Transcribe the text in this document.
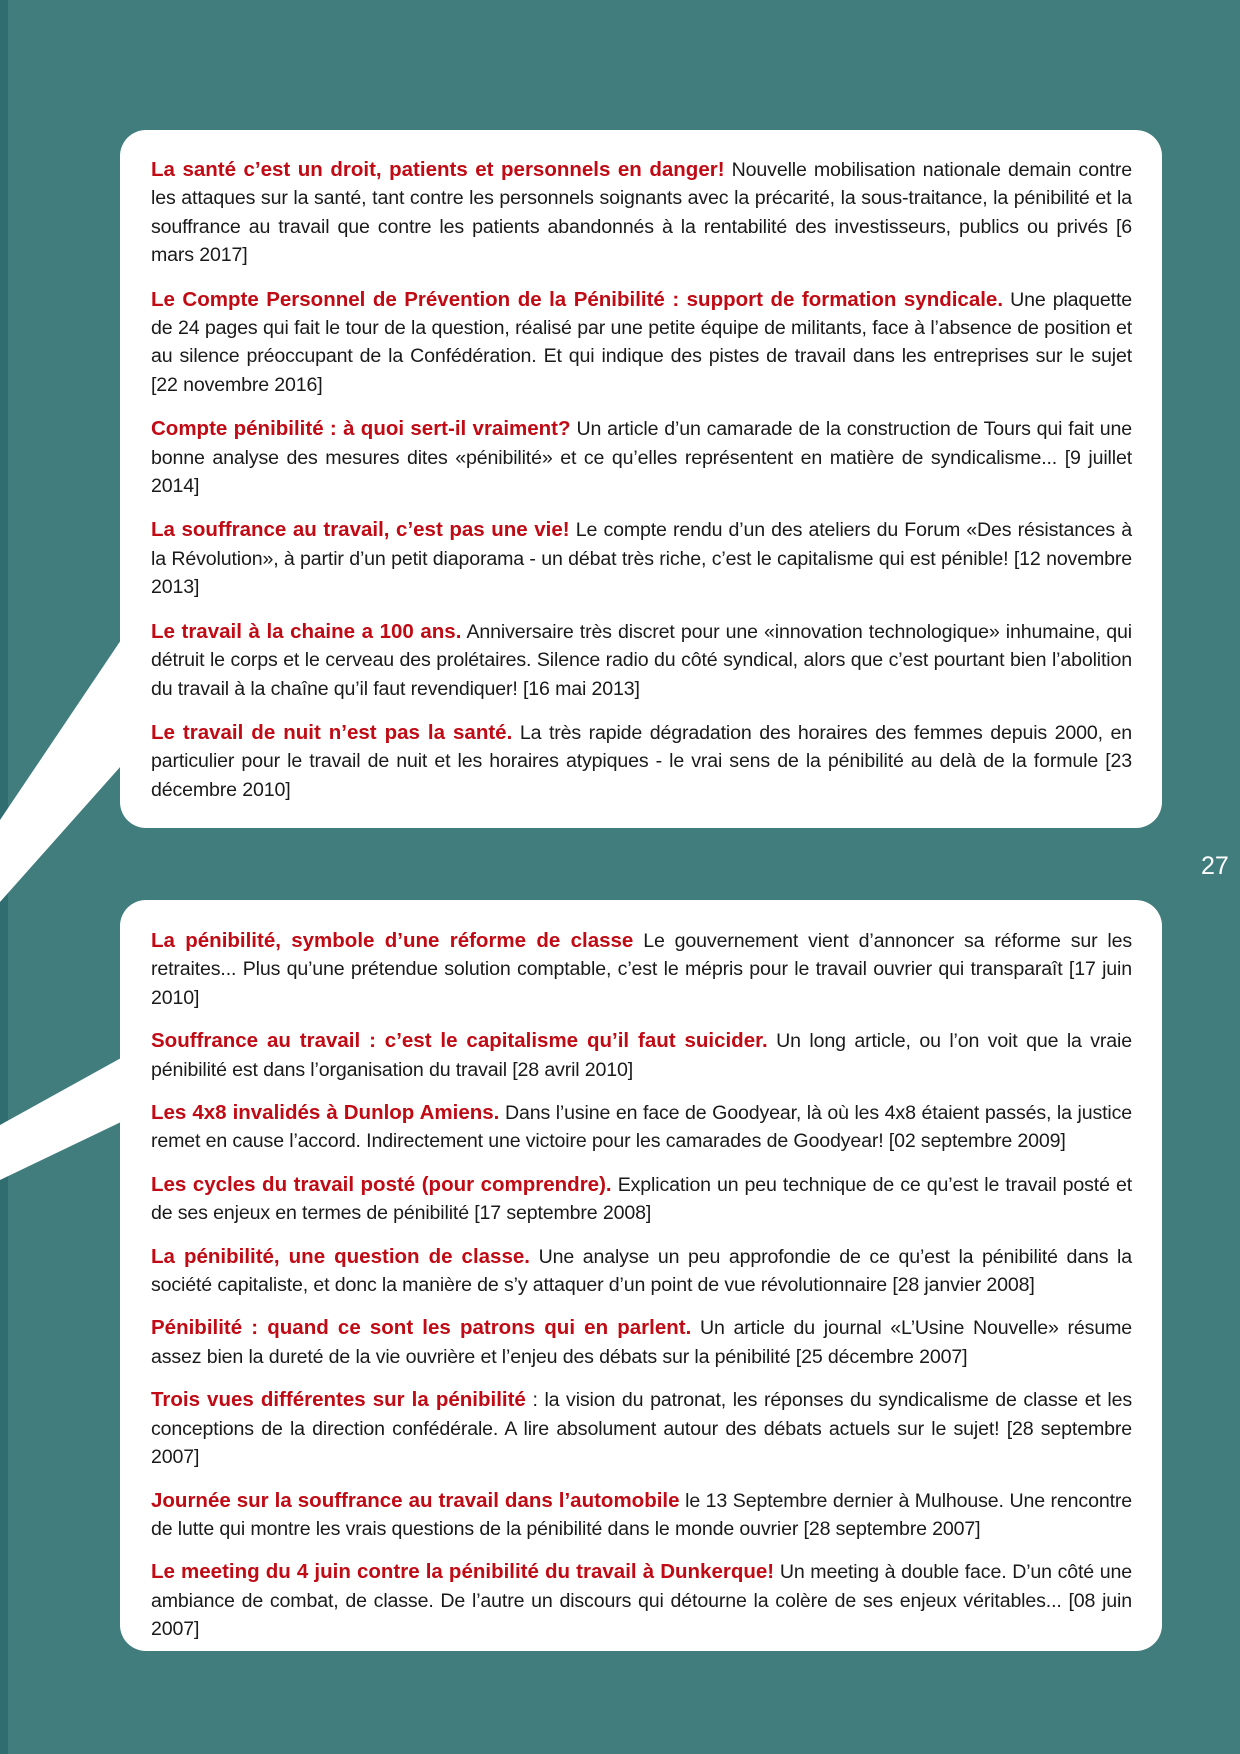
La santé c’est un droit, patients et personnels en danger! Nouvelle mobilisation nationale demain contre les attaques sur la santé, tant contre les personnels soignants avec la précarité, la sous-traitance, la pénibilité et la souffrance au travail que contre les patients abandonnés à la rentabilité des investisseurs, publics ou privés [6 mars 2017]

Le Compte Personnel de Prévention de la Pénibilité : support de formation syndicale. Une plaquette de 24 pages qui fait le tour de la question, réalisé par une petite équipe de militants, face à l’absence de position et au silence préoccupant de la Confédération. Et qui indique des pistes de travail dans les entreprises sur le sujet [22 novembre 2016]

Compte pénibilité : à quoi sert-il vraiment? Un article d’un camarade de la construction de Tours qui fait une bonne analyse des mesures dites «pénibilité» et ce qu’elles représentent en matière de syndicalisme... [9 juillet 2014]

La souffrance au travail, c’est pas une vie! Le compte rendu d’un des ateliers du Forum «Des résistances à la Révolution», à partir d’un petit diaporama - un débat très riche, c’est le capitalisme qui est pénible! [12 novembre 2013]

Le travail à la chaine a 100 ans. Anniversaire très discret pour une «innovation technologique» inhumaine, qui détruit le corps et le cerveau des prolétaires. Silence radio du côté syndical, alors que c’est pourtant bien l’abolition du travail à la chaîne qu’il faut revendiquer! [16 mai 2013]

Le travail de nuit n’est pas la santé. La très rapide dégradation des horaires des femmes depuis 2000, en particulier pour le travail de nuit et les horaires atypiques - le vrai sens de la pénibilité au delà de la formule [23 décembre 2010]

27

La pénibilité, symbole d’une réforme de classe Le gouvernement vient d’annoncer sa réforme sur les retraites... Plus qu’une prétendue solution comptable, c’est le mépris pour le travail ouvrier qui transparaît [17 juin 2010]

Souffrance au travail : c’est le capitalisme qu’il faut suicider. Un long article, ou l’on voit que la vraie pénibilité est dans l’organisation du travail [28 avril 2010]

Les 4x8 invalidés à Dunlop Amiens. Dans l’usine en face de Goodyear, là où les 4x8 étaient passés, la justice remet en cause l’accord. Indirectement une victoire pour les camarades de Goodyear! [02 septembre 2009]

Les cycles du travail posté (pour comprendre). Explication un peu technique de ce qu’est le travail posté et de ses enjeux en termes de pénibilité [17 septembre 2008]

La pénibilité, une question de classe. Une analyse un peu approfondie de ce qu’est la pénibilité dans la société capitaliste, et donc la manière de s’y attaquer d’un point de vue révolutionnaire [28 janvier 2008]

Pénibilité : quand ce sont les patrons qui en parlent. Un article du journal «L’Usine Nouvelle» résume assez bien la dureté de la vie ouvrière et l’enjeu des débats sur la pénibilité [25 décembre 2007]

Trois vues différentes sur la pénibilité : la vision du patronat, les réponses du syndicalisme de classe et les conceptions de la direction confédérale. A lire absolument autour des débats actuels sur le sujet! [28 septembre 2007]

Journée sur la souffrance au travail dans l’automobile le 13 Septembre dernier à Mulhouse. Une rencontre de lutte qui montre les vrais questions de la pénibilité dans le monde ouvrier [28 septembre 2007]

Le meeting du 4 juin contre la pénibilité du travail à Dunkerque! Un meeting à double face. D’un côté une ambiance de combat, de classe. De l’autre un discours qui détourne la colère de ses enjeux véritables... [08 juin 2007]
